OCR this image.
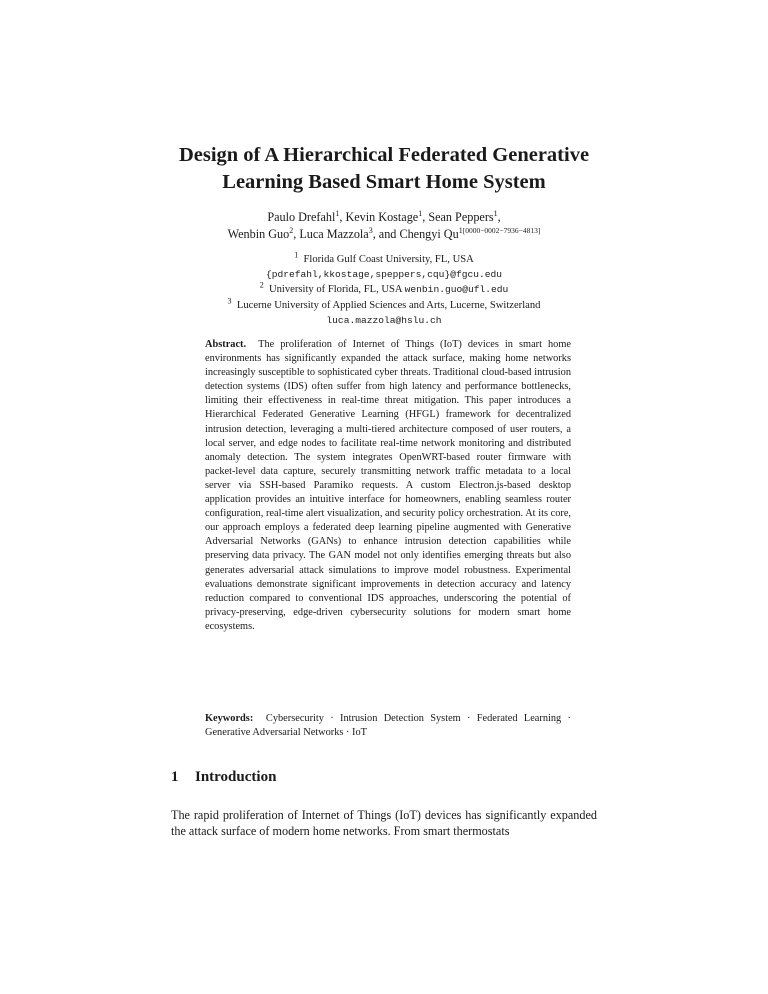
Design of A Hierarchical Federated Generative
Learning Based Smart Home System
Paulo Drefahl$^1$, Kevin Kostage$^1$, Sean Peppers$^1$,
Wenbin Guo$^2$, Luca Mazzola$^3$, and Chengyi $Qu^{1[0000-0002-7936-4813]}$
$^1$ Florida Gulf Coast University, FL, USA
{pdrefahl,kkostage,speppers,cqu}@fgcu.edu
$^2$ University of Florida, FL, USA wenbin.guo@ufl.edu
$^3$ Lucerne University of Applied Sciences and Arts, Lucerne, Switzerland
luca.mazzola@hslu.ch
Abstract. The proliferation of Internet of Things (IoT) devices in smart home environments has significantly expanded the attack surface, making home networks increasingly susceptible to sophisticated cyber threats. Traditional cloud-based intrusion detection systems (IDS) often suffer from high latency and performance bottlenecks, limiting their effectiveness in real-time threat mitigation. This paper introduces a Hierarchical Federated Generative Learning (HFGL) framework for decentralized intrusion detection, leveraging a multi-tiered architecture composed of user routers, a local server, and edge nodes to facilitate real-time network monitoring and distributed anomaly detection. The system integrates OpenWRT-based router firmware with packet-level data capture, securely transmitting network traffic metadata to a local server via SSH-based Paramiko requests. A custom Electron.js-based desktop application provides an intuitive interface for homeowners, enabling seamless router configuration, real-time alert visualization, and security policy orchestration. At its core, our approach employs a federated deep learning pipeline augmented with Generative Adversarial Networks (GANs) to enhance intrusion detection capabilities while preserving data privacy. The GAN model not only identifies emerging threats but also generates adversarial attack simulations to improve model robustness. Experimental evaluations demonstrate significant improvements in detection accuracy and latency reduction compared to conventional IDS approaches, underscoring the potential of privacy-preserving, edge-driven cybersecurity solutions for modern smart home ecosystems.
Keywords: Cybersecurity · Intrusion Detection System · Federated Learning · Generative Adversarial Networks · IoT
1 Introduction
The rapid proliferation of Internet of Things (IoT) devices has significantly expanded the attack surface of modern home networks. From smart thermostats
